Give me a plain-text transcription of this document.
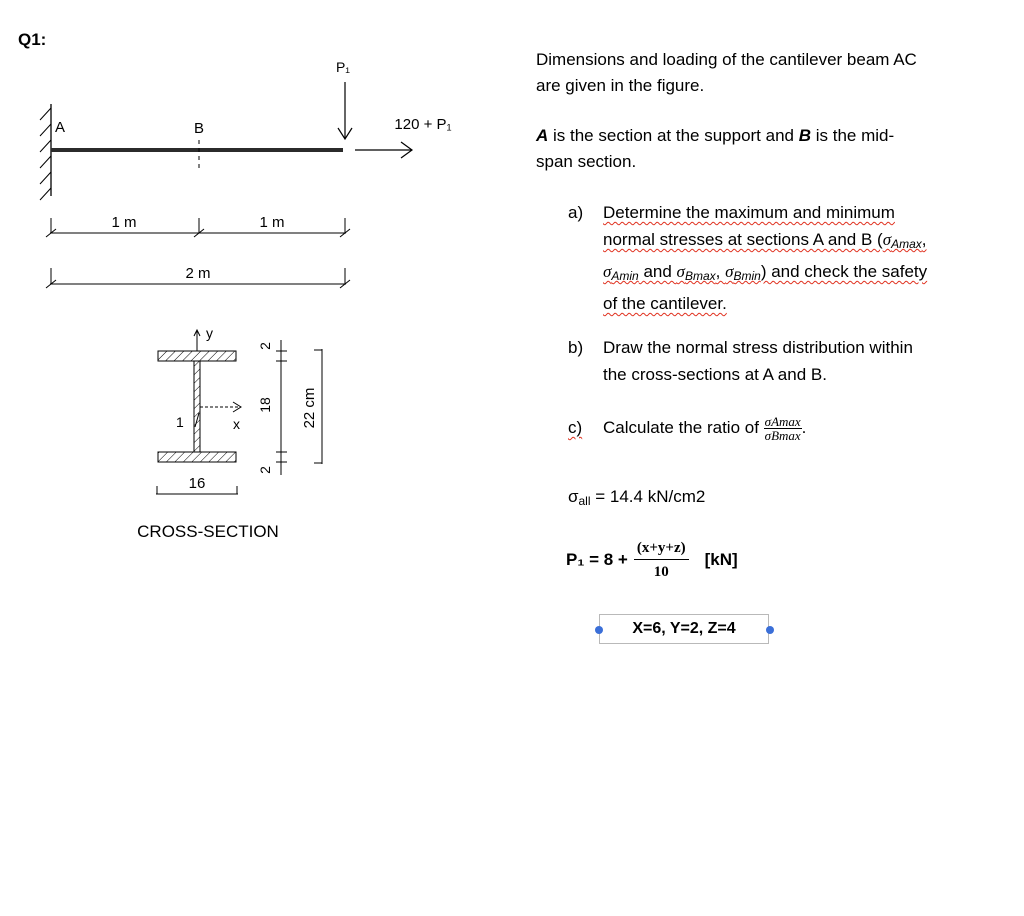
Q1:
A	B
P₁
120 + P₁
1 m	1 m
2 m
y
x
1
16
2
18
2
22 cm
CROSS-SECTION
Dimensions and loading of the cantilever beam AC
are given in the figure.
A is the section at the support and B is the mid-
span section.
a) Determine the maximum and minimum
normal stresses at sections A and B ($\sigma_{Amax}$,
$\sigma_{Amin}$ and $\sigma_{Bmax}$, $\sigma_{Bmin}$) and check the safety
of the cantilever.
b) Draw the normal stress distribution within
the cross-sections at A and B.
c) Calculate the ratio of $\frac{\sigma Amax}{\sigma Bmax}$ .
σall = 14.4 kN/cm2
$P_1 = 8 + \frac{(x+y+z)}{10} [kN]$
X=6, Y=2, Z=4
